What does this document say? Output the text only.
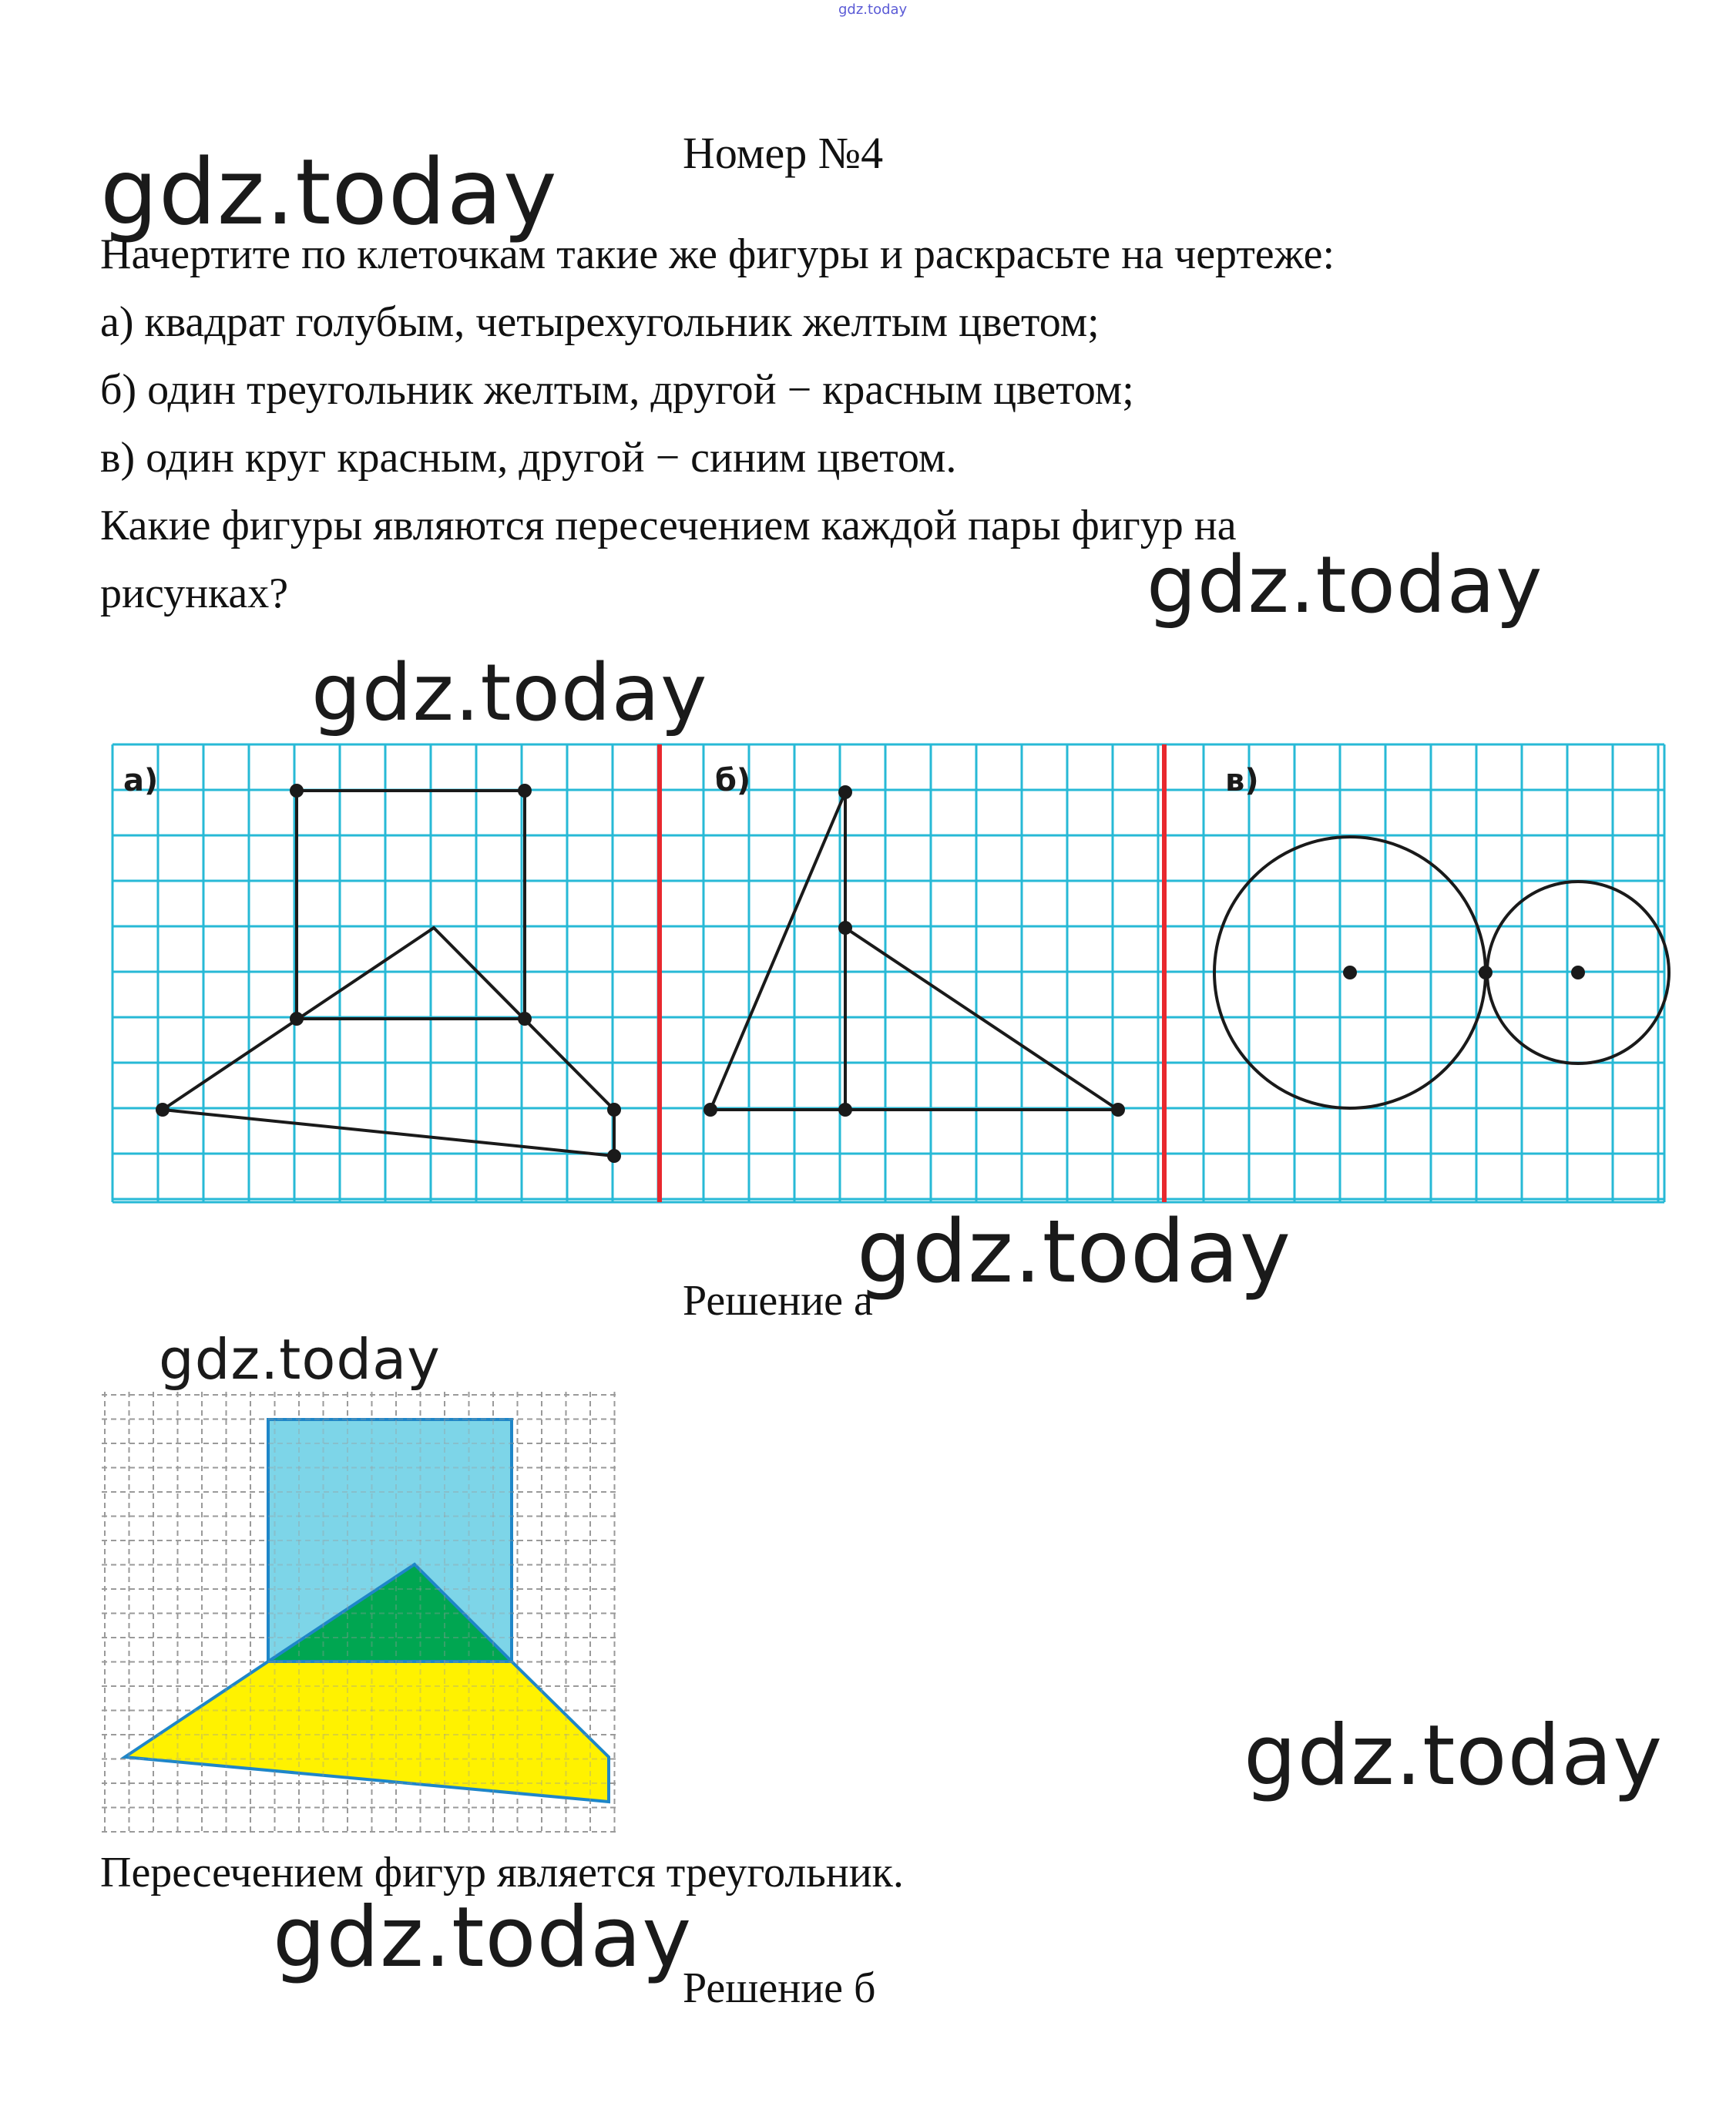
gdz.today
gdz.today
gdz.today
gdz.today
gdz.today
gdz.today
gdz.today
gdz.today
Номер №4
Начертите по клеточкам такие же фигуры и раскрасьте на чертеже:
а) квадрат голубым, четырехугольник желтым цветом;
б) один треугольник желтым, другой − красным цветом;
в) один круг красным, другой − синим цветом.
Какие фигуры являются пересечением каждой пары фигур на
рисунках?
а)	б)	в)
Решение а
Пересечением фигур является треугольник.
Решение б
